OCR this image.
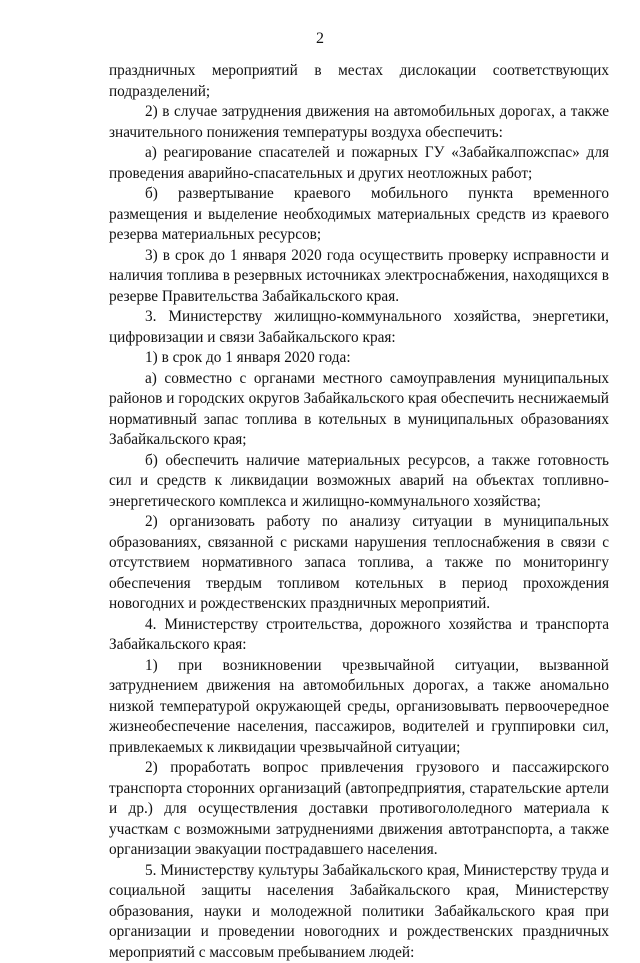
2

праздничных мероприятий в местах дислокации соответствующих подразделений;

2) в случае затруднения движения на автомобильных дорогах, а также значительного понижения температуры воздуха обеспечить:

а) реагирование спасателей и пожарных ГУ «Забайкалпожспас» для проведения аварийно-спасательных и других неотложных работ;

б) развертывание краевого мобильного пункта временного размещения и выделение необходимых материальных средств из краевого резерва материальных ресурсов;

3) в срок до 1 января 2020 года осуществить проверку исправности и наличия топлива в резервных источниках электроснабжения, находящихся в резерве Правительства Забайкальского края.

3. Министерству жилищно-коммунального хозяйства, энергетики, цифровизации и связи Забайкальского края:

1) в срок до 1 января 2020 года:

а) совместно с органами местного самоуправления муниципальных районов и городских округов Забайкальского края обеспечить неснижаемый нормативный запас топлива в котельных в муниципальных образованиях Забайкальского края;

б) обеспечить наличие материальных ресурсов, а также готовность сил и средств к ликвидации возможных аварий на объектах топливно-энергетического комплекса и жилищно-коммунального хозяйства;

2) организовать работу по анализу ситуации в муниципальных образованиях, связанной с рисками нарушения теплоснабжения в связи с отсутствием нормативного запаса топлива, а также по мониторингу обеспечения твердым топливом котельных в период прохождения новогодних и рождественских праздничных мероприятий.

4. Министерству строительства, дорожного хозяйства и транспорта Забайкальского края:

1) при возникновении чрезвычайной ситуации, вызванной затруднением движения на автомобильных дорогах, а также аномально низкой температурой окружающей среды, организовывать первоочередное жизнеобеспечение населения, пассажиров, водителей и группировки сил, привлекаемых к ликвидации чрезвычайной ситуации;

2) проработать вопрос привлечения грузового и пассажирского транспорта сторонних организаций (автопредприятия, старательские артели и др.) для осуществления доставки противогололедного материала к участкам с возможными затруднениями движения автотранспорта, а также организации эвакуации пострадавшего населения.

5. Министерству культуры Забайкальского края, Министерству труда и социальной защиты населения Забайкальского края, Министерству образования, науки и молодежной политики Забайкальского края при организации и проведении новогодних и рождественских праздничных мероприятий с массовым пребыванием людей:
